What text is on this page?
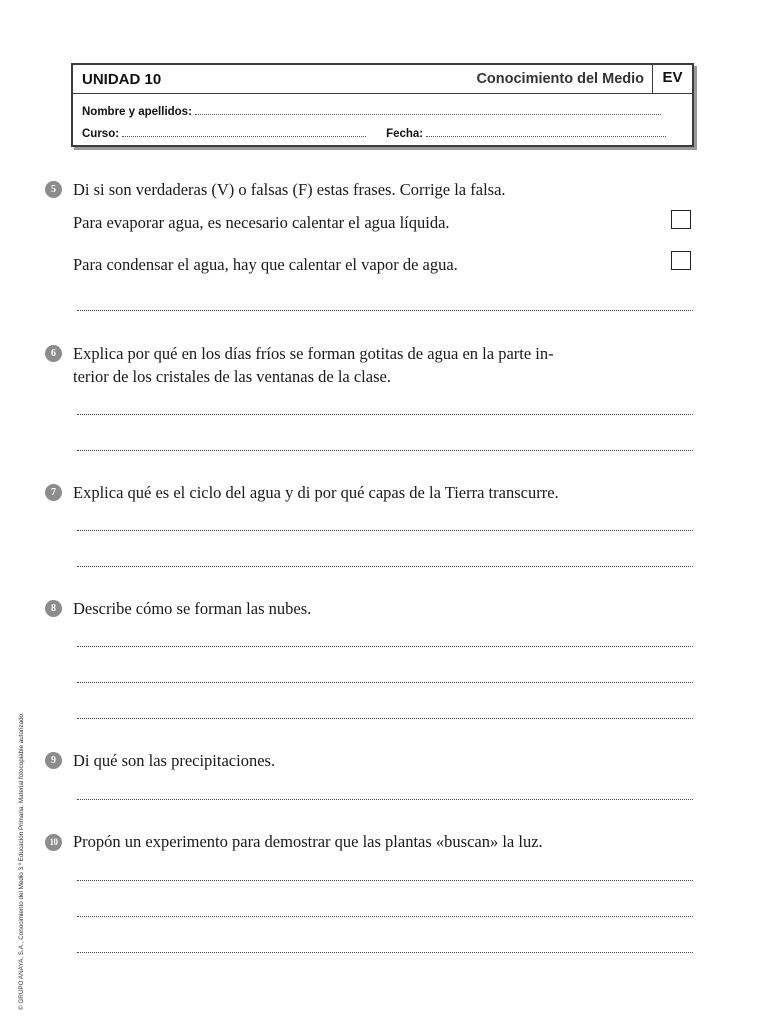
UNIDAD 10	Conocimiento del Medio	EV
Nombre y apellidos:
Curso:	Fecha:
5	Di si son verdaderas (V) o falsas (F) estas frases. Corrige la falsa.
Para evaporar agua, es necesario calentar el agua líquida.
Para condensar el agua, hay que calentar el vapor de agua.
6	Explica por qué en los días fríos se forman gotitas de agua en la parte in-
terior de los cristales de las ventanas de la clase.
7	Explica qué es el ciclo del agua y di por qué capas de la Tierra transcurre.
8	Describe cómo se forman las nubes.
9	Di qué son las precipitaciones.
10 Propón un experimento para demostrar que las plantas «buscan» la luz.
© GRUPO ANAYA, S.A., Conocimiento del Medio 3.º Educación Primaria. Material fotocopiable autorizado.
